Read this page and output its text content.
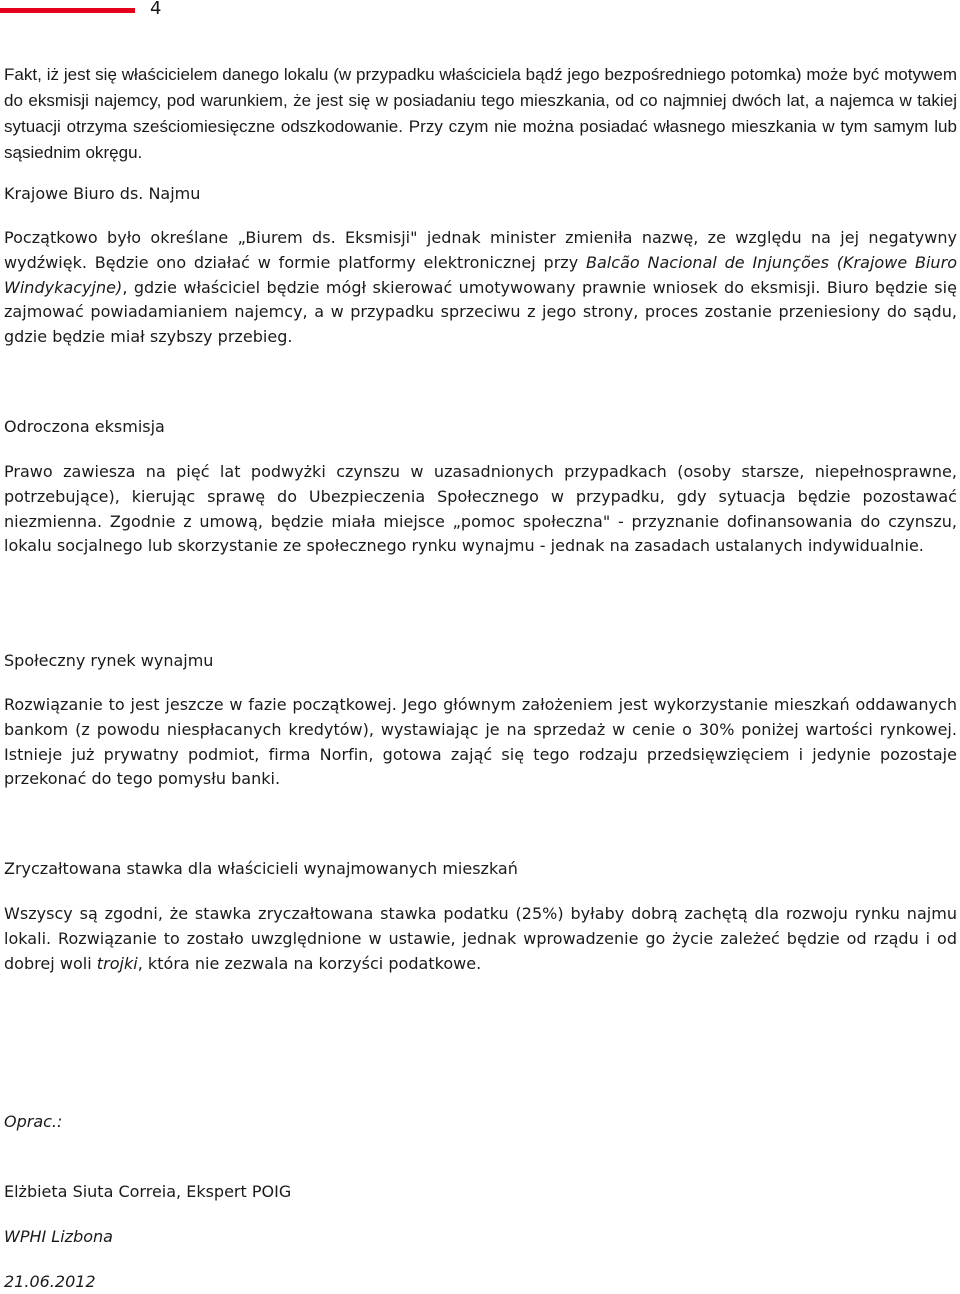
4

Fakt, iż jest się właścicielem danego lokalu (w przypadku właściciela bądź jego bezpośredniego potomka) może być motywem do eksmisji najemcy, pod warunkiem, że jest się w posiadaniu tego mieszkania, od co najmniej dwóch lat, a najemca w takiej sytuacji otrzyma sześciomiesięczne odszkodowanie. Przy czym nie można posiadać własnego mieszkania w tym samym lub sąsiednim okręgu.

Krajowe Biuro ds. Najmu

Początkowo było określane „Biurem ds. Eksmisji" jednak minister zmieniła nazwę, ze względu na jej negatywny wydźwięk. Będzie ono działać w formie platformy elektronicznej przy Balcão Nacional de Injunções (Krajowe Biuro Windykacyjne), gdzie właściciel będzie mógł skierować umotywowany prawnie wniosek do eksmisji. Biuro będzie się zajmować powiadamianiem najemcy, a w przypadku sprzeciwu z jego strony, proces zostanie przeniesiony do sądu, gdzie będzie miał szybszy przebieg.

Odroczona eksmisja

Prawo zawiesza na pięć lat podwyżki czynszu w uzasadnionych przypadkach (osoby starsze, niepełnosprawne, potrzebujące), kierując sprawę do Ubezpieczenia Społecznego w przypadku, gdy sytuacja będzie pozostawać niezmienna. Zgodnie z umową, będzie miała miejsce „pomoc społeczna" - przyznanie dofinansowania do czynszu, lokalu socjalnego lub skorzystanie ze społecznego rynku wynajmu - jednak na zasadach ustalanych indywidualnie.

Społeczny rynek wynajmu

Rozwiązanie to jest jeszcze w fazie początkowej. Jego głównym założeniem jest wykorzystanie mieszkań oddawanych bankom (z powodu niespłacanych kredytów), wystawiając je na sprzedaż w cenie o 30% poniżej wartości rynkowej. Istnieje już prywatny podmiot, firma Norfin, gotowa zająć się tego rodzaju przedsięwzięciem i jedynie pozostaje przekonać do tego pomysłu banki.

Zryczałtowana stawka dla właścicieli wynajmowanych mieszkań

Wszyscy są zgodni, że stawka zryczałtowana stawka podatku (25%) byłaby dobrą zachętą dla rozwoju rynku najmu lokali. Rozwiązanie to zostało uwzględnione w ustawie, jednak wprowadzenie go życie zależeć będzie od rządu i od dobrej woli trojki, która nie zezwala na korzyści podatkowe.

Oprac.:
Elżbieta Siuta Correia, Ekspert POIG
WPHI Lizbona
21.06.2012
